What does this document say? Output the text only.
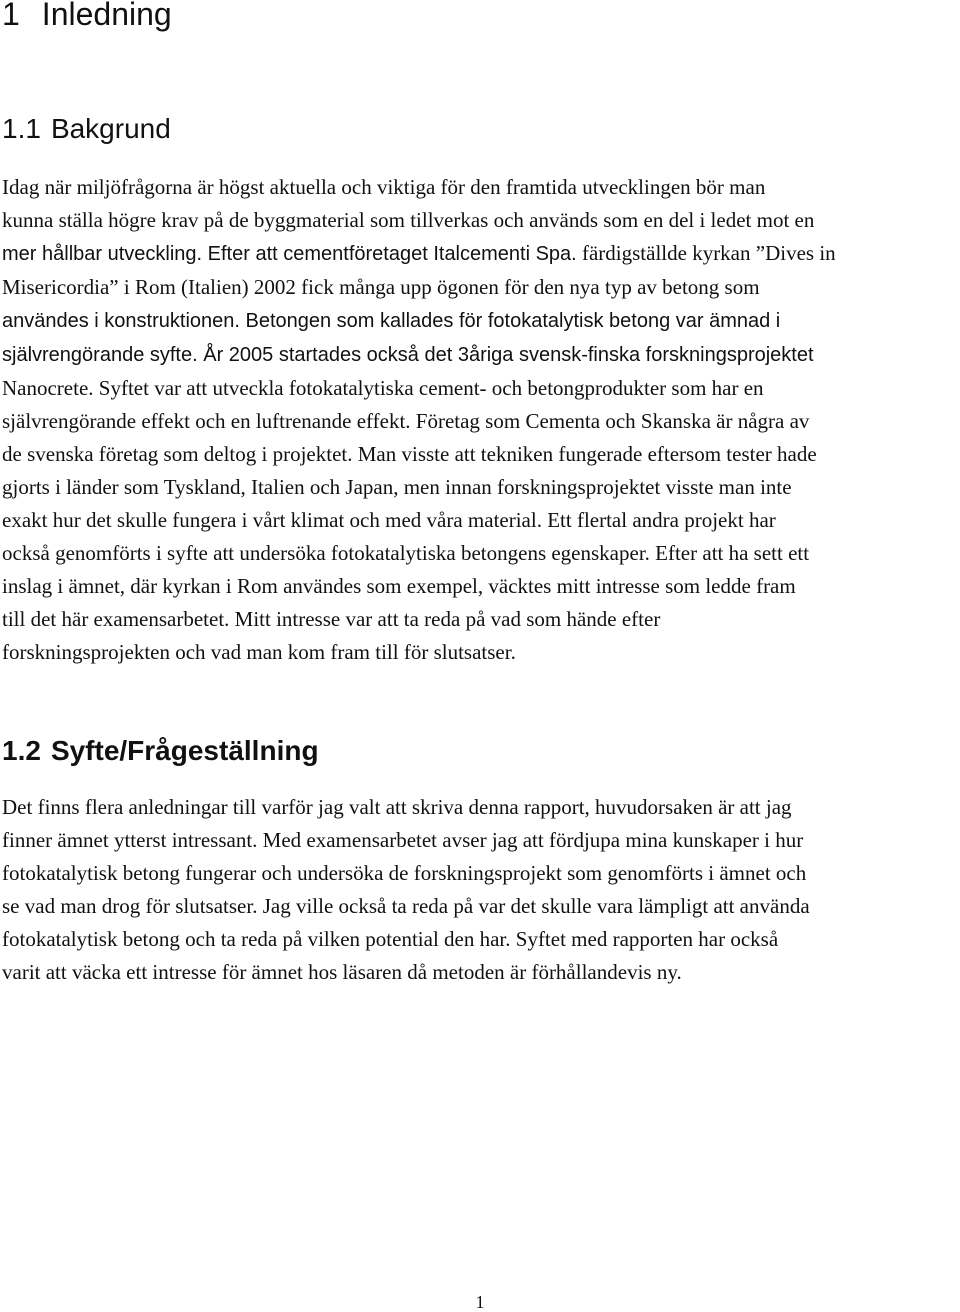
1 Inledning
1.1 Bakgrund
Idag när miljöfrågorna är högst aktuella och viktiga för den framtida utvecklingen bör man
kunna ställa högre krav på de byggmaterial som tillverkas och används som en del i ledet mot en
mer hållbar utveckling. Efter att cementföretaget Italcementi Spa. färdigställde kyrkan ”Dives in
Misericordia” i Rom (Italien) 2002 fick många upp ögonen för den nya typ av betong som
användes i konstruktionen. Betongen som kallades för fotokatalytisk betong var ämnad i
självrengörande syfte. År 2005 startades också det 3åriga svensk-finska forskningsprojektet
Nanocrete. Syftet var att utveckla fotokatalytiska cement- och betongprodukter som har en
självrengörande effekt och en luftrenande effekt. Företag som Cementa och Skanska är några av
de svenska företag som deltog i projektet. Man visste att tekniken fungerade eftersom tester hade
gjorts i länder som Tyskland, Italien och Japan, men innan forskningsprojektet visste man inte
exakt hur det skulle fungera i vårt klimat och med våra material. Ett flertal andra projekt har
också genomförts i syfte att undersöka fotokatalytiska betongens egenskaper. Efter att ha sett ett
inslag i ämnet, där kyrkan i Rom användes som exempel, väcktes mitt intresse som ledde fram
till det här examensarbetet. Mitt intresse var att ta reda på vad som hände efter
forskningsprojekten och vad man kom fram till för slutsatser.
1.2 Syfte/Frågeställning
Det finns flera anledningar till varför jag valt att skriva denna rapport, huvudorsaken är att jag
finner ämnet ytterst intressant. Med examensarbetet avser jag att fördjupa mina kunskaper i hur
fotokatalytisk betong fungerar och undersöka de forskningsprojekt som genomförts i ämnet och
se vad man drog för slutsatser. Jag ville också ta reda på var det skulle vara lämpligt att använda
fotokatalytisk betong och ta reda på vilken potential den har. Syftet med rapporten har också
varit att väcka ett intresse för ämnet hos läsaren då metoden är förhållandevis ny.
1
